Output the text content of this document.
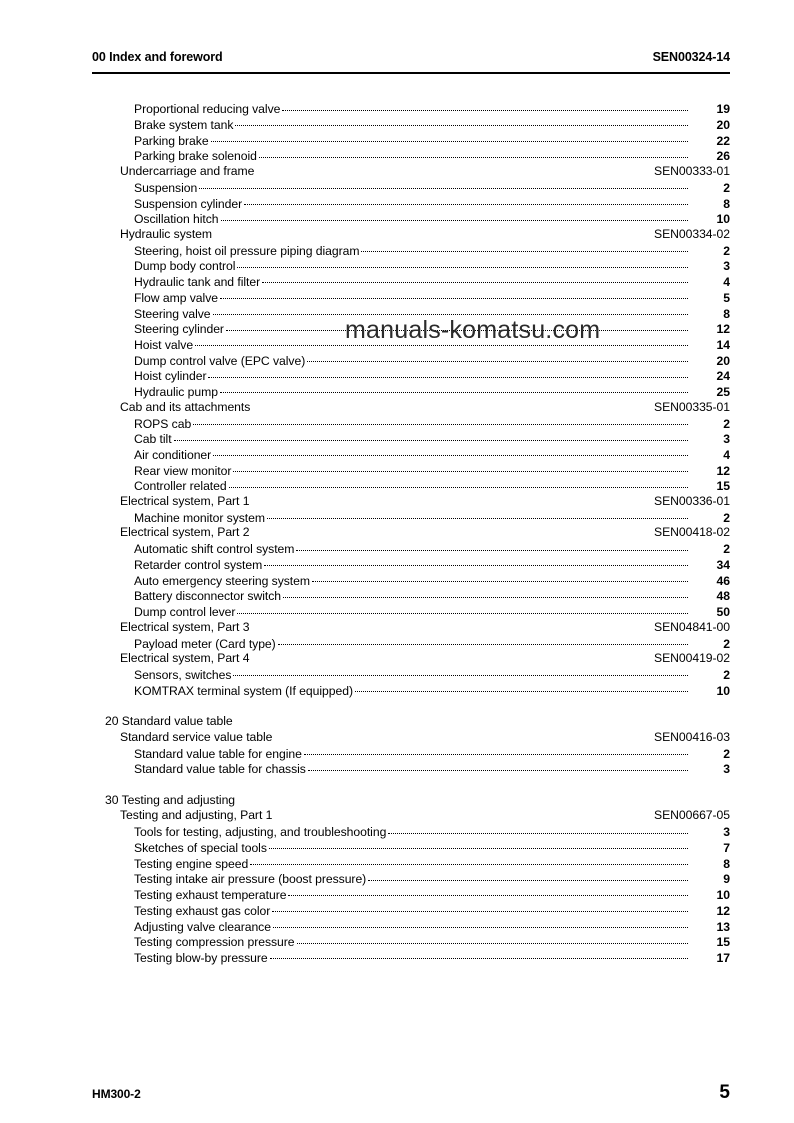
00 Index and foreword	SEN00324-14
Proportional reducing valve	19
Brake system tank	20
Parking brake	22
Parking brake solenoid	26
Undercarriage and frame	SEN00333-01
Suspension	2
Suspension cylinder	8
Oscillation hitch	10
Hydraulic system	SEN00334-02
Steering, hoist oil pressure piping diagram	2
Dump body control	3
Hydraulic tank and filter	4
Flow amp valve	5
Steering valve	8
Steering cylinder	12
Hoist valve	14
Dump control valve (EPC valve)	20
Hoist cylinder	24
Hydraulic pump	25
Cab and its attachments	SEN00335-01
ROPS cab	2
Cab tilt	3
Air conditioner	4
Rear view monitor	12
Controller related	15
Electrical system, Part 1	SEN00336-01
Machine monitor system	2
Electrical system, Part 2	SEN00418-02
Automatic shift control system	2
Retarder control system	34
Auto emergency steering system	46
Battery disconnector switch	48
Dump control lever	50
Electrical system, Part 3	SEN04841-00
Payload meter (Card type)	2
Electrical system, Part 4	SEN00419-02
Sensors, switches	2
KOMTRAX terminal system (If equipped)	10
20 Standard value table
Standard service value table	SEN00416-03
Standard value table for engine	2
Standard value table for chassis	3
30 Testing and adjusting
Testing and adjusting, Part 1	SEN00667-05
Tools for testing, adjusting, and troubleshooting	3
Sketches of special tools	7
Testing engine speed	8
Testing intake air pressure (boost pressure)	9
Testing exhaust temperature	10
Testing exhaust gas color	12
Adjusting valve clearance	13
Testing compression pressure	15
Testing blow-by pressure	17
manuals-komatsu.com
HM300-2	5
